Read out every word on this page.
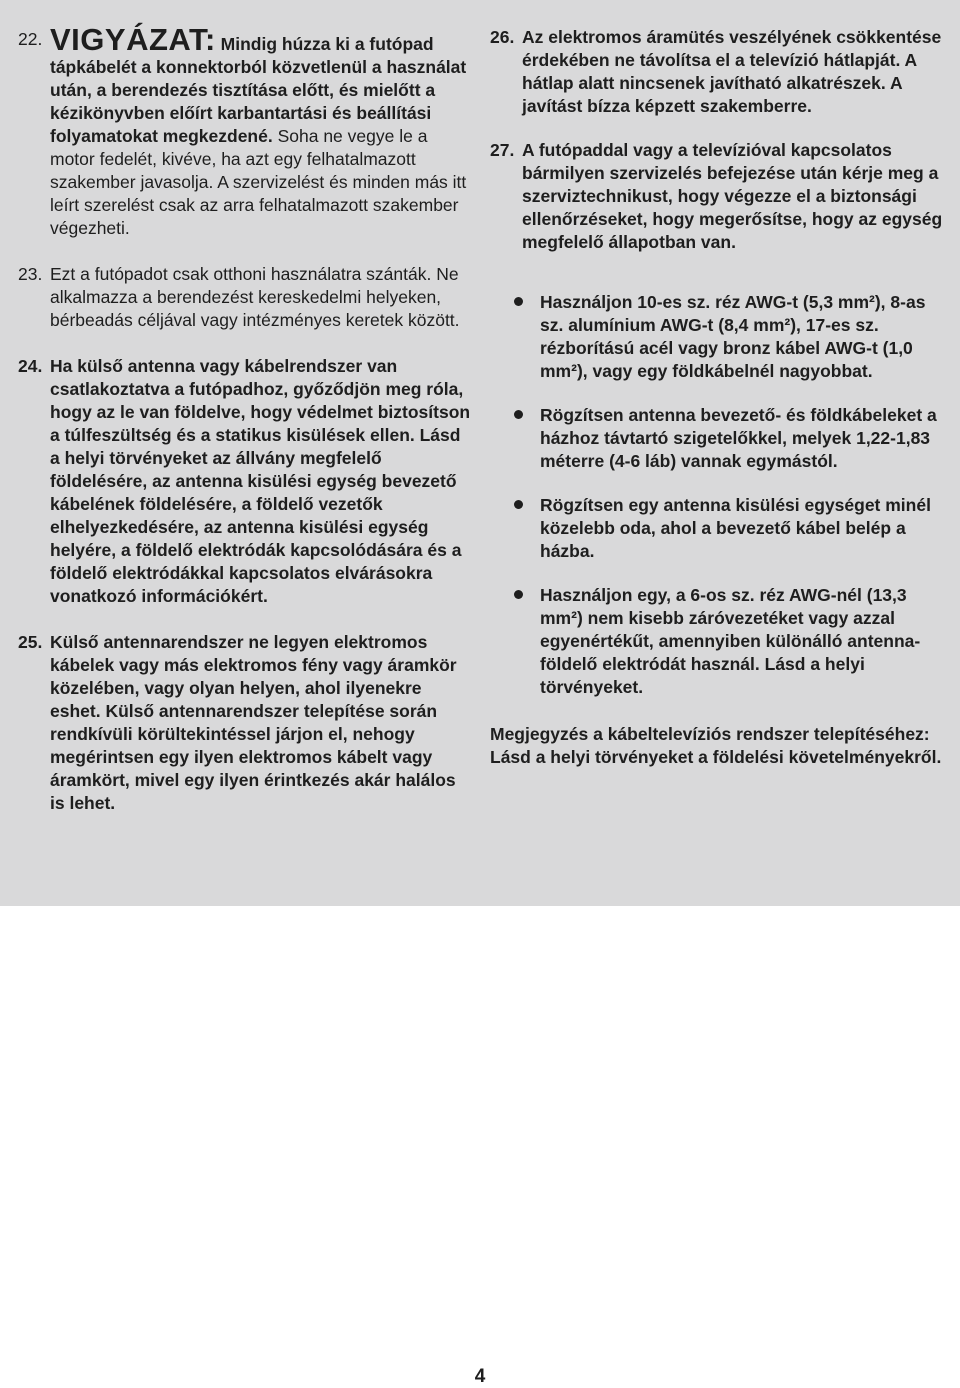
22. VIGYÁZAT: Mindig húzza ki a futópad tápkábelét a konnektorból közvetlenül a használat után, a berendezés tisztítása előtt, és mielőtt a kézikönyvben előírt karbantartási és beállítási folyamatokat megkezdené. Soha ne vegye le a motor fedelét, kivéve, ha azt egy felhatalmazott szakember javasolja. A szervizelést és minden más itt leírt szerelést csak az arra felhatalmazott szakember végezheti.

23. Ezt a futópadot csak otthoni használatra szánták. Ne alkalmazza a berendezést kereskedelmi helyeken, bérbeadás céljával vagy intézményes keretek között.

24. Ha külső antenna vagy kábelrendszer van csatlakoztatva a futópadhoz, győződjön meg róla, hogy az le van földelve, hogy védelmet biztosítson a túlfeszültség és a statikus kisülések ellen. Lásd a helyi törvényeket az állvány megfelelő földelésére, az antenna kisülési egység bevezető kábelének földelésére, a földelő vezetők elhelyezkedésére, az antenna kisülési egység helyére, a földelő elektródák kapcsolódására és a földelő elektródákkal kapcsolatos elvárásokra vonatkozó információkért.

25. Külső antennarendszer ne legyen elektromos kábelek vagy más elektromos fény vagy áramkör közelében, vagy olyan helyen, ahol ilyenekre eshet. Külső antennarendszer telepítése során rendkívüli körültekintéssel járjon el, nehogy megérintsen egy ilyen elektromos kábelt vagy áramkört, mivel egy ilyen érintkezés akár halálos is lehet.

26. Az elektromos áramütés veszélyének csökkentése érdekében ne távolítsa el a televízió hátlapját. A hátlap alatt nincsenek javítható alkatrészek. A javítást bízza képzett szakemberre.

27. A futópaddal vagy a televízióval kapcsolatos bármilyen szervizelés befejezése után kérje meg a szerviztechnikust, hogy végezze el a biztonsági ellenőrzéseket, hogy megerősítse, hogy az egység megfelelő állapotban van.

Használjon 10-es sz. réz AWG-t (5,3 mm²), 8-as sz. alumínium AWG-t (8,4 mm²), 17-es sz. rézborítású acél vagy bronz kábel AWG-t (1,0 mm²), vagy egy földkábelnél nagyobbat.

Rögzítsen antenna bevezető- és földkábeleket a házhoz távtartó szigetelőkkel, melyek 1,22-1,83 méterre (4-6 láb) vannak egymástól.

Rögzítsen egy antenna kisülési egységet minél közelebb oda, ahol a bevezető kábel belép a házba.

Használjon egy, a 6-os sz. réz AWG-nél (13,3 mm²) nem kisebb záróvezetéket vagy azzal egyenértékűt, amennyiben különálló antenna-földelő elektródát használ. Lásd a helyi törvényeket.

Megjegyzés a kábeltelevíziós rendszer telepítéséhez: Lásd a helyi törvényeket a földelési követelményekről.

4
